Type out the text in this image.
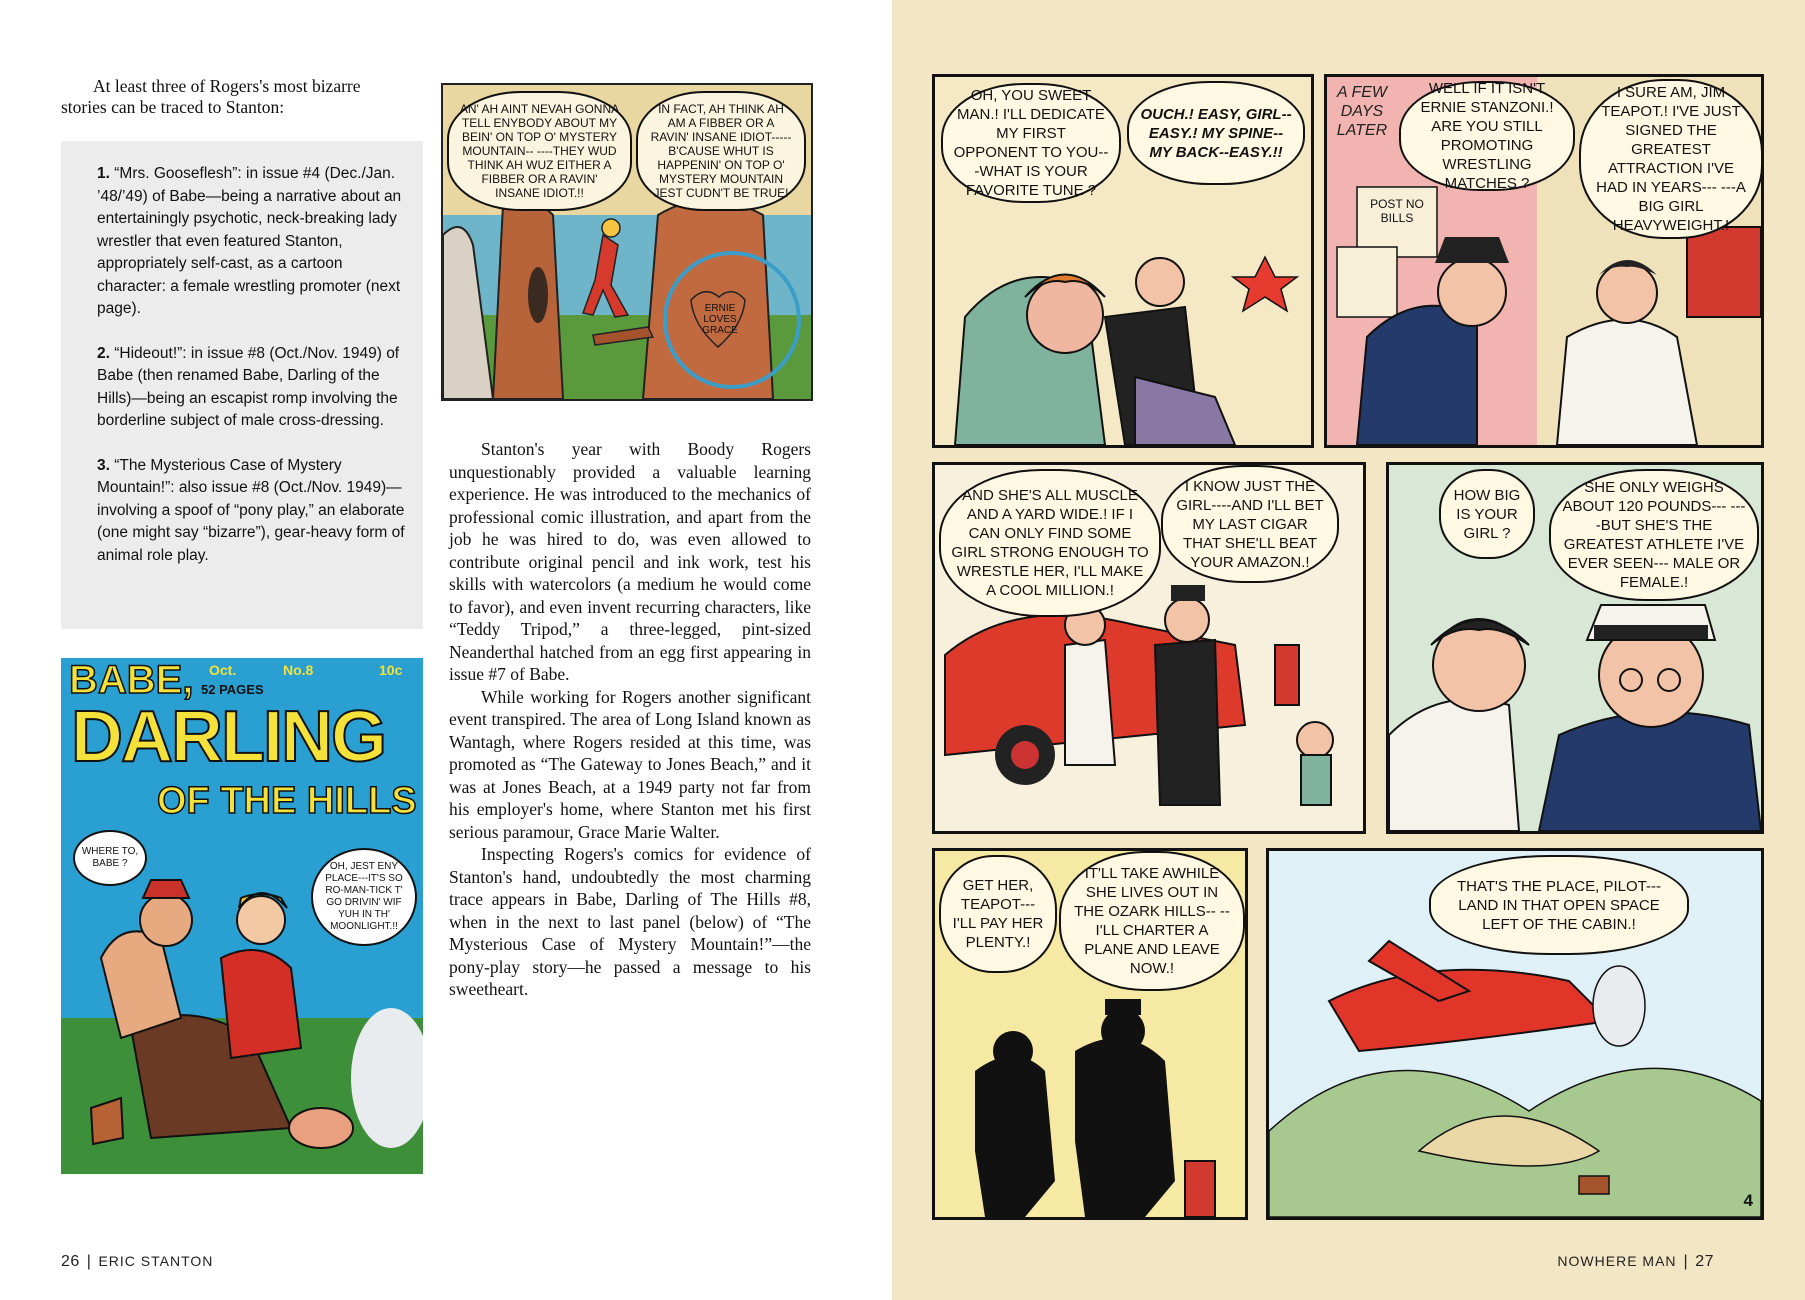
At least three of Rogers's most bizarre stories can be traced to Stanton:

1. “Mrs. Gooseflesh”: in issue #4 (Dec./Jan. ’48/’49) of Babe—being a narrative about an entertainingly psychotic, neck-breaking lady wrestler that even featured Stanton, appropriately self-cast, as a cartoon character: a female wrestling promoter (next page).

2. “Hideout!”: in issue #8 (Oct./Nov. 1949) of Babe (then renamed Babe, Darling of the Hills)—being an escapist romp involving the borderline subject of male cross-dressing.

3. “The Mysterious Case of Mystery Mountain!”: also issue #8 (Oct./Nov. 1949)—involving a spoof of “pony play,” an elaborate (one might say “bizarre”), gear-heavy form of animal role play.

AN' AH AINT NEVAH GONNA TELL ENYBODY ABOUT MY BEIN' ON TOP O' MYSTERY MOUNTAIN-- ----THEY WUD THINK AH WUZ EITHER A FIBBER OR A RAVIN' INSANE IDIOT.!!
IN FACT, AH THINK AH AM A FIBBER OR A RAVIN' INSANE IDIOT----- B'CAUSE WHUT IS HAPPENIN' ON TOP O' MYSTERY MOUNTAIN JEST CUDN'T BE TRUE!
ERNIE LOVES GRACE
BABE, Oct.	No.8	10c
52 PAGES
DARLING
OF THE HILLS
WHERE TO, BABE ?	OH, JEST ENY PLACE---IT'S SO RO-MAN-TICK T' GO DRIVIN' WIF YUH IN TH' MOONLIGHT.!!

Stanton's year with Boody Rogers unquestionably provided a valuable learning experience. He was introduced to the mechanics of professional comic illustration, and apart from the job he was hired to do, was even allowed to contribute original pencil and ink work, test his skills with watercolors (a medium he would come to favor), and even invent recurring characters, like “Teddy Tripod,” a three-legged, pint-sized Neanderthal hatched from an egg first appearing in issue #7 of Babe.

While working for Rogers another significant event transpired. The area of Long Island known as Wantagh, where Rogers resided at this time, was promoted as “The Gateway to Jones Beach,” and it was at Jones Beach, at a 1949 party not far from his employer's home, where Stanton met his first serious paramour, Grace Marie Walter.

Inspecting Rogers's comics for evidence of Stanton's hand, undoubtedly the most charming trace appears in Babe, Darling of The Hills #8, when in the next to last panel (below) of “The Mysterious Case of Mystery Mountain!”—the pony-play story—he passed a message to his sweetheart.

26 | ERIC STANTON
OH, YOU SWEET MAN.! I'LL DEDICATE MY FIRST OPPONENT TO YOU---WHAT IS YOUR FAVORITE TUNE ?
OUCH.! EASY, GIRL--EASY.! MY SPINE--MY BACK--EASY.!!
A FEW DAYS LATER
WELL IF IT ISN'T ERNIE STANZONI.! ARE YOU STILL PROMOTING WRESTLING MATCHES ?
I SURE AM, JIM TEAPOT.! I'VE JUST SIGNED THE GREATEST ATTRACTION I'VE HAD IN YEARS--- ---A BIG GIRL HEAVYWEIGHT.!
POST NO BILLS
AND SHE'S ALL MUSCLE AND A YARD WIDE.! IF I CAN ONLY FIND SOME GIRL STRONG ENOUGH TO WRESTLE HER, I'LL MAKE A COOL MILLION.!
I KNOW JUST THE GIRL----AND I'LL BET MY LAST CIGAR THAT SHE'LL BEAT YOUR AMAZON.!
HOW BIG IS YOUR GIRL ?
SHE ONLY WEIGHS ABOUT 120 POUNDS--- ----BUT SHE'S THE GREATEST ATHLETE I'VE EVER SEEN--- MALE OR FEMALE.!
GET HER, TEAPOT--- I'LL PAY HER PLENTY.!
IT'LL TAKE AWHILE SHE LIVES OUT IN THE OZARK HILLS-- --I'LL CHARTER A PLANE AND LEAVE NOW.!
THAT'S THE PLACE, PILOT--- LAND IN THAT OPEN SPACE LEFT OF THE CABIN.!
4
NOWHERE MAN | 27
